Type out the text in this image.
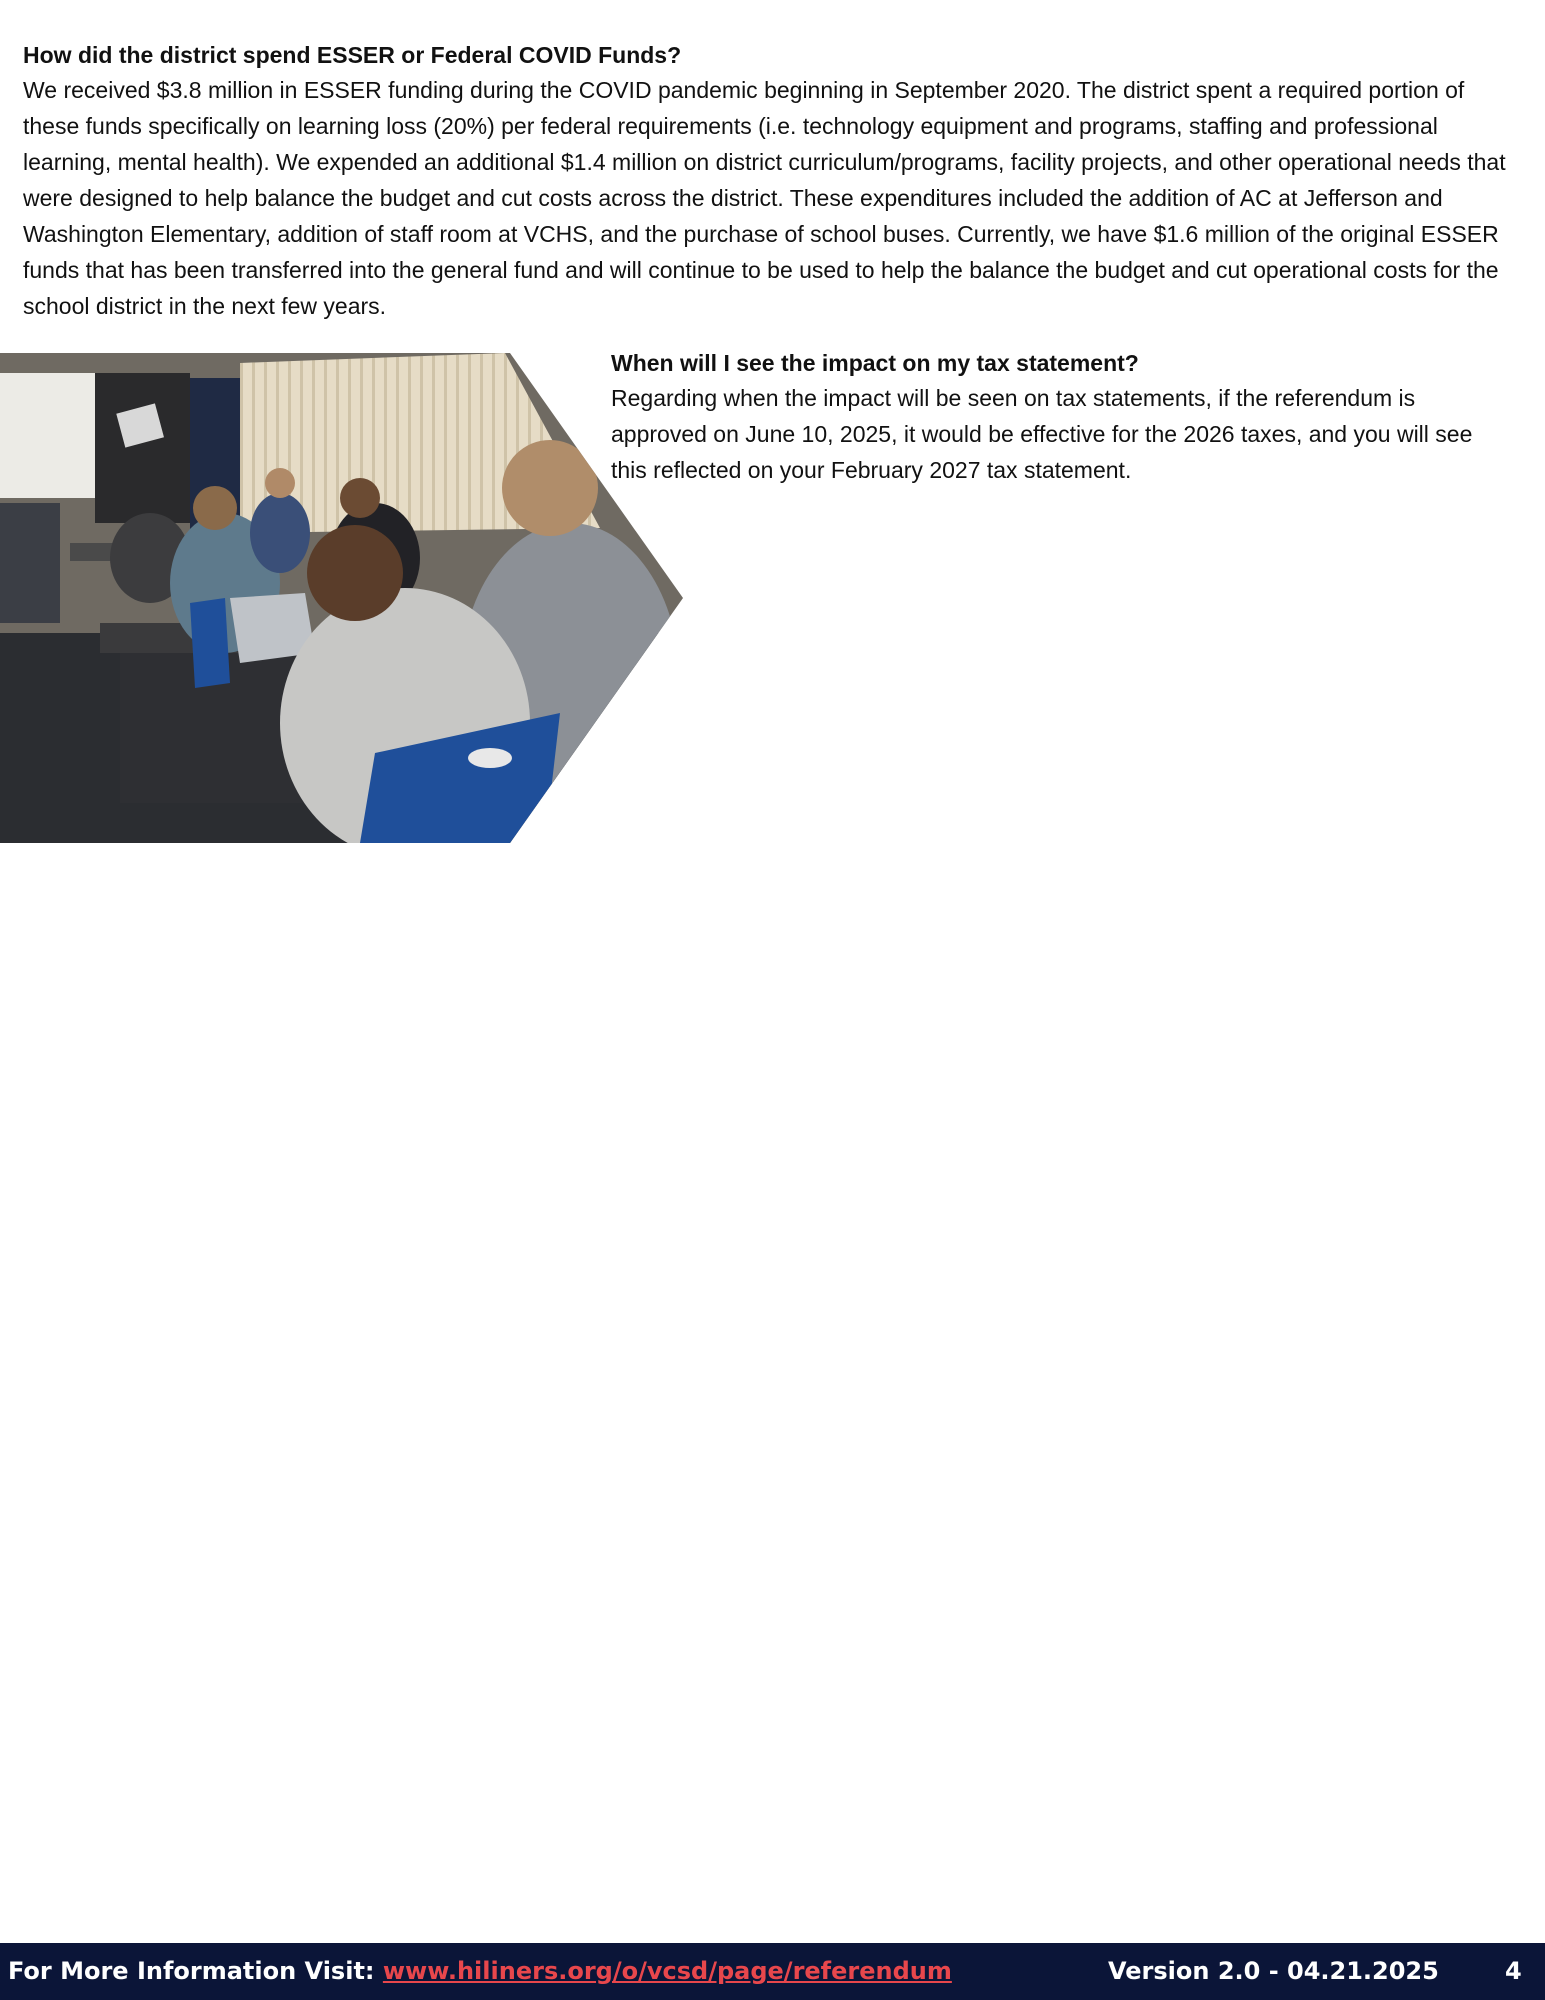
How did the district spend ESSER or Federal COVID Funds?

We received $3.8 million in ESSER funding during the COVID pandemic beginning in September 2020. The district spent a required portion of these funds specifically on learning loss (20%) per federal requirements (i.e. technology equipment and programs, staffing and professional learning, mental health). We expended an additional $1.4 million on district curriculum/programs, facility projects, and other operational needs that were designed to help balance the budget and cut costs across the district. These expenditures included the addition of AC at Jefferson and Washington Elementary, addition of staff room at VCHS, and the purchase of school buses. Currently, we have $1.6 million of the original ESSER funds that has been transferred into the general fund and will continue to be used to help the balance the budget and cut operational costs for the school district in the next few years.

When will I see the impact on my tax statement?

Regarding when the impact will be seen on tax statements, if the referendum is approved on June 10, 2025, it would be effective for the 2026 taxes, and you will see this reflected on your February 2027 tax statement.

For More Information Visit: www.hiliners.org/o/vcsd/page/referendum	Version 2.0 - 04.21.2025	4
